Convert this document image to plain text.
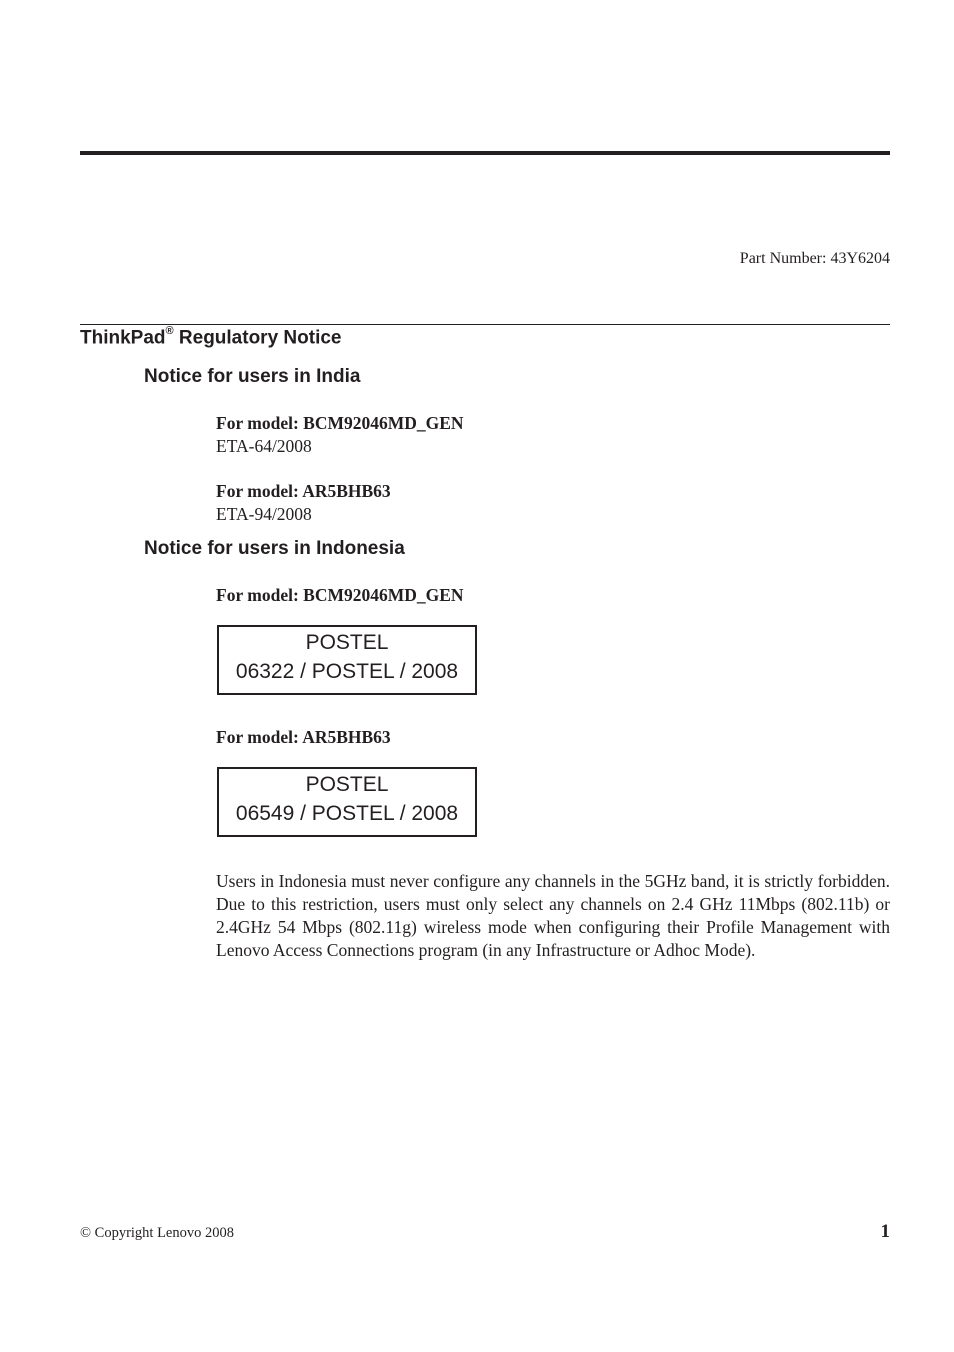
Part Number: 43Y6204
ThinkPad® Regulatory Notice
Notice for users in India
For model: BCM92046MD_GEN
ETA-64/2008
For model: AR5BHB63
ETA-94/2008
Notice for users in Indonesia
For model: BCM92046MD_GEN
POSTEL
06322 / POSTEL / 2008
For model: AR5BHB63
POSTEL
06549 / POSTEL / 2008
Users in Indonesia must never configure any channels in the 5GHz band, it is strictly forbidden. Due to this restriction, users must only select any channels on 2.4 GHz 11Mbps (802.11b) or 2.4GHz 54 Mbps (802.11g) wireless mode when configuring their Profile Management with Lenovo Access Connections program (in any Infrastructure or Adhoc Mode).
© Copyright Lenovo 2008	1
